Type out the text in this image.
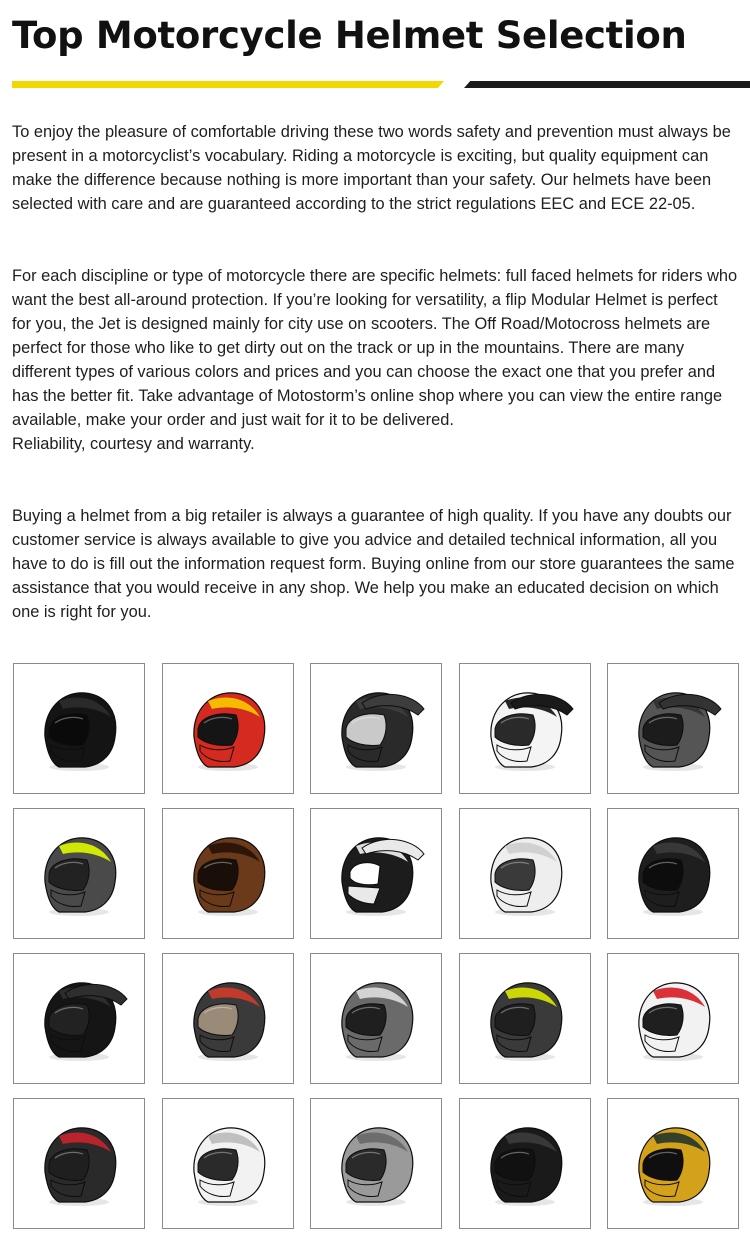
Top Motorcycle Helmet Selection

To enjoy the pleasure of comfortable driving these two words safety and prevention must always be present in a motorcyclist’s vocabulary. Riding a motorcycle is exciting, but quality equipment can make the difference because nothing is more important than your safety. Our helmets have been selected with care and are guaranteed according to the strict regulations EEC and ECE 22-05.

For each discipline or type of motorcycle there are specific helmets: full faced helmets for riders who want the best all-around protection. If you’re looking for versatility, a flip Modular Helmet is perfect for you, the Jet is designed mainly for city use on scooters. The Off Road/Motocross helmets are perfect for those who like to get dirty out on the track or up in the mountains. There are many different types of various colors and prices and you can choose the exact one that you prefer and has the better fit. Take advantage of Motostorm’s online shop where you can view the entire range available, make your order and just wait for it to be delivered.
Reliability, courtesy and warranty.

Buying a helmet from a big retailer is always a guarantee of high quality. If you have any doubts our customer service is always available to give you advice and detailed technical information, all you have to do is fill out the information request form. Buying online from our store guarantees the same assistance that you would receive in any shop. We help you make an educated decision on which one is right for you.
